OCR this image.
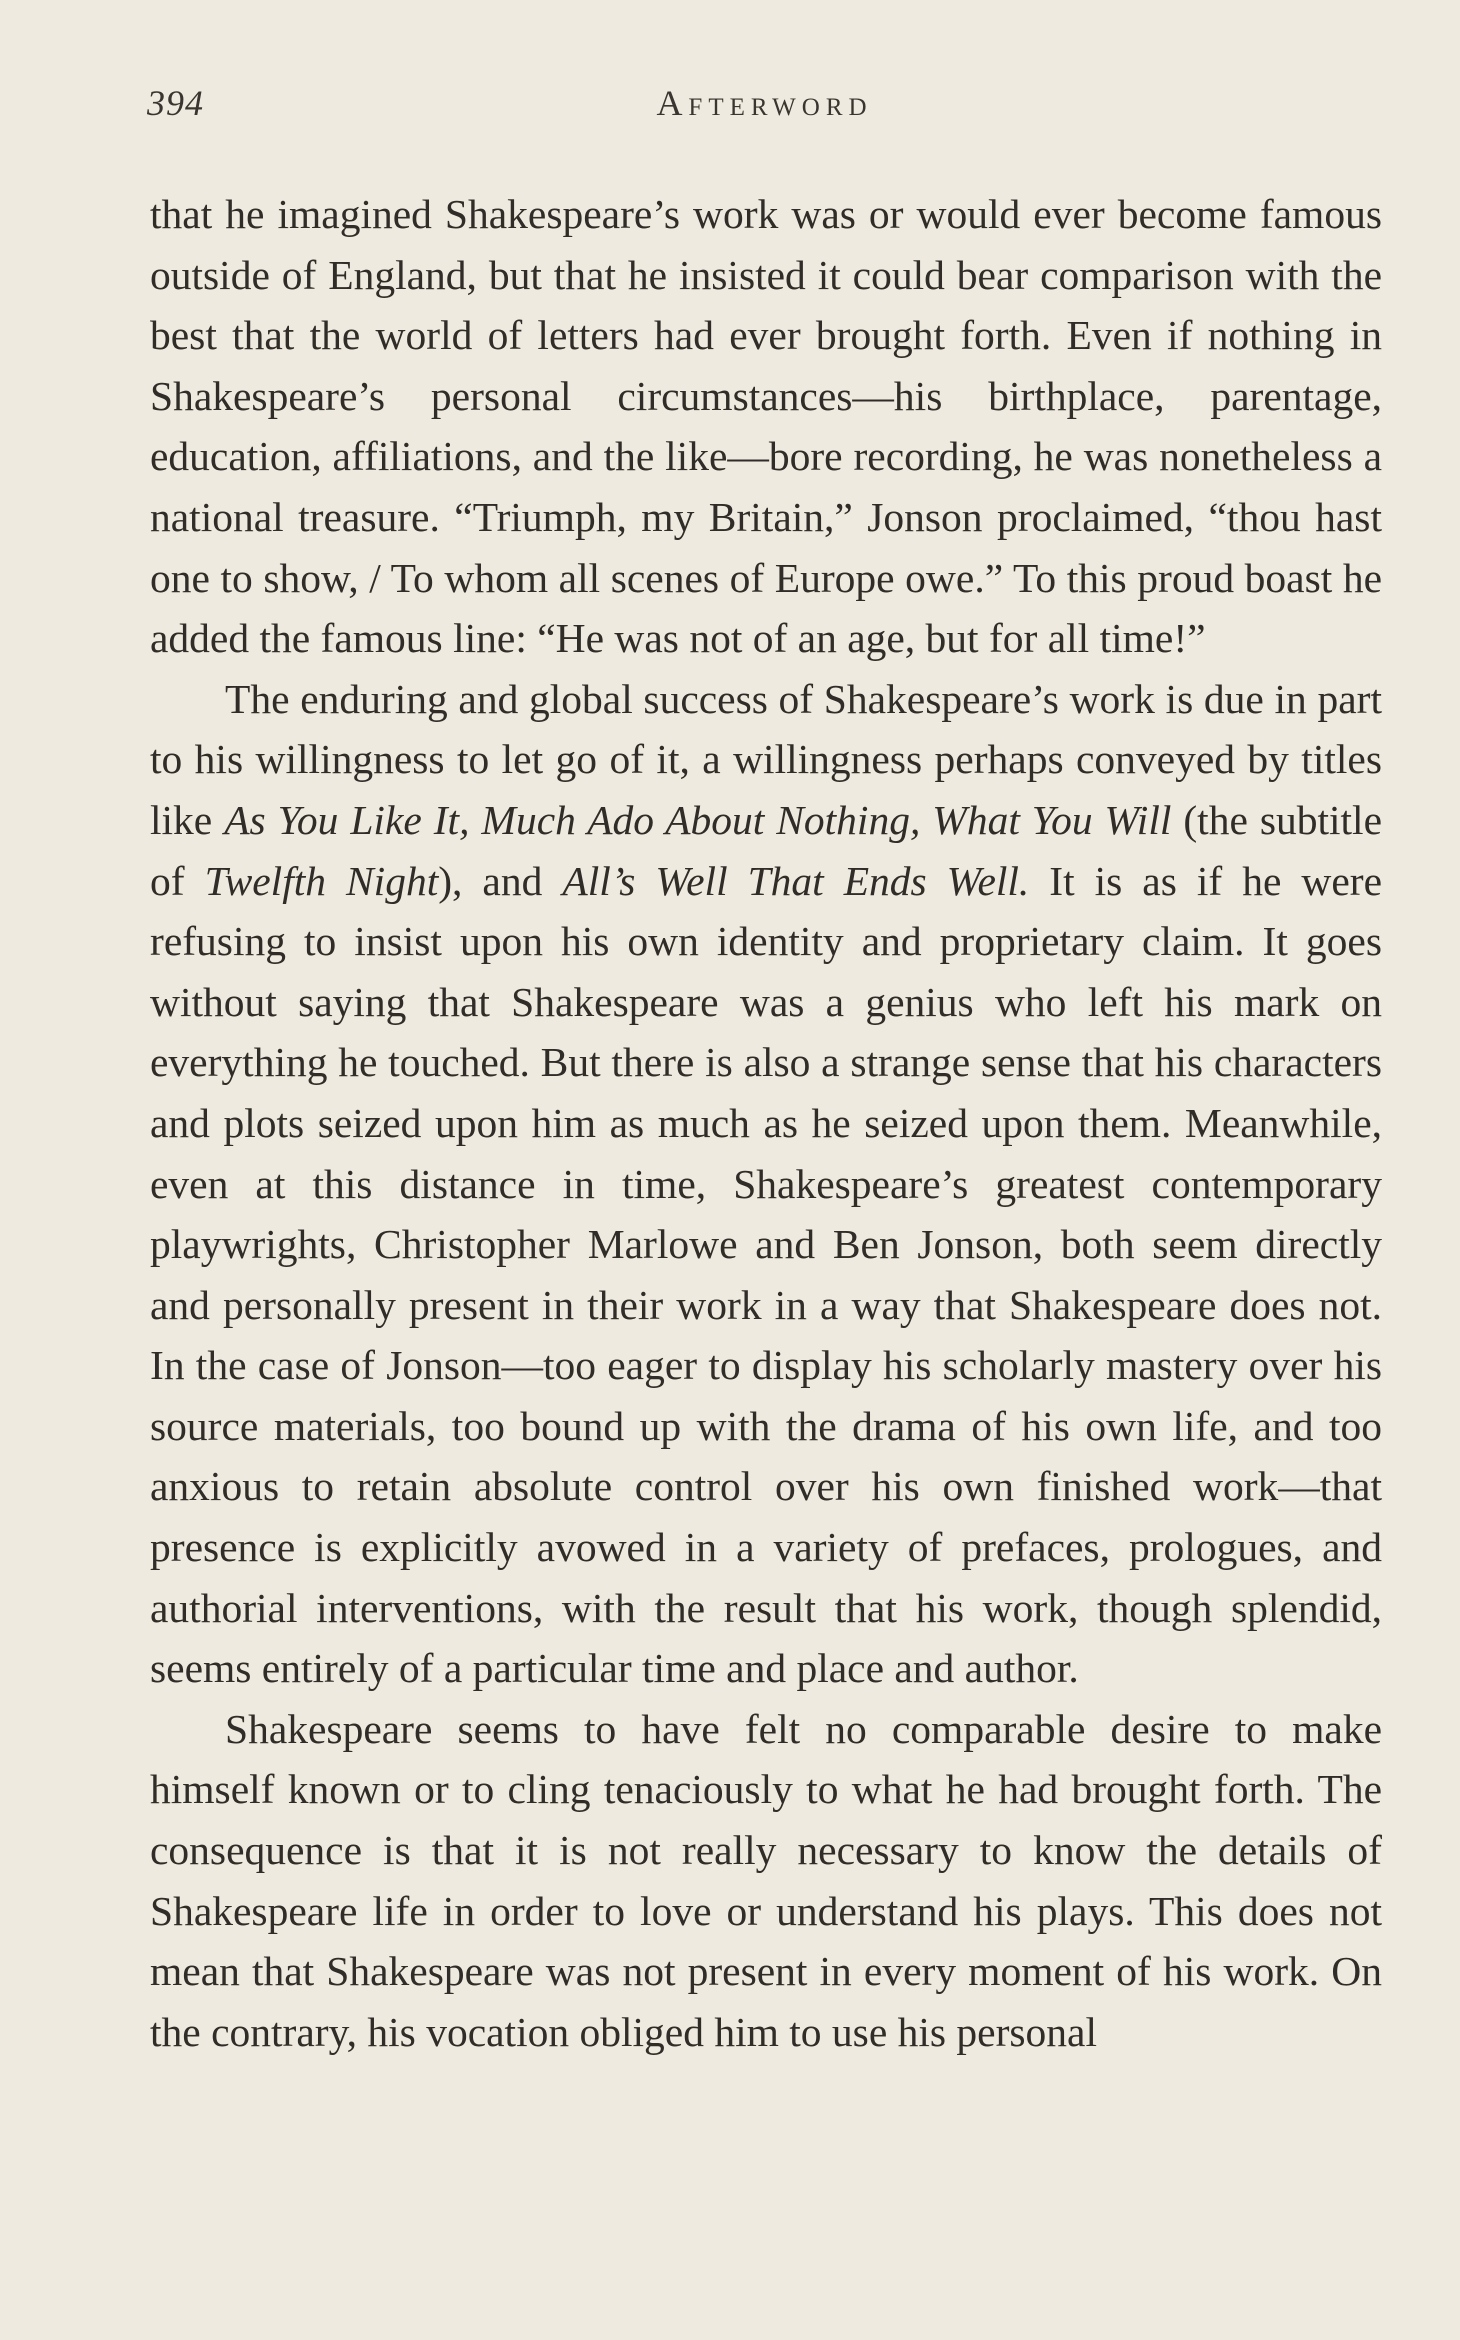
394	Afterword

that he imagined Shakespeare’s work was or would ever become famous outside of England, but that he insisted it could bear comparison with the best that the world of letters had ever brought forth. Even if nothing in Shakespeare’s personal circumstances—his birthplace, parentage, education, affiliations, and the like—bore recording, he was nonetheless a national treasure. “Triumph, my Britain,” Jonson proclaimed, “thou hast one to show, / To whom all scenes of Europe owe.” To this proud boast he added the famous line: “He was not of an age, but for all time!”

The enduring and global success of Shakespeare’s work is due in part to his willingness to let go of it, a willingness perhaps conveyed by titles like As You Like It, Much Ado About Nothing, What You Will (the subtitle of Twelfth Night), and All’s Well That Ends Well. It is as if he were refusing to insist upon his own identity and proprietary claim. It goes without saying that Shakespeare was a genius who left his mark on everything he touched. But there is also a strange sense that his characters and plots seized upon him as much as he seized upon them. Meanwhile, even at this distance in time, Shakespeare’s greatest contemporary playwrights, Christopher Marlowe and Ben Jonson, both seem directly and personally present in their work in a way that Shakespeare does not. In the case of Jonson—too eager to display his scholarly mastery over his source materials, too bound up with the drama of his own life, and too anxious to retain absolute control over his own finished work—that presence is explicitly avowed in a variety of prefaces, prologues, and authorial interventions, with the result that his work, though splendid, seems entirely of a particular time and place and author.

Shakespeare seems to have felt no comparable desire to make himself known or to cling tenaciously to what he had brought forth. The consequence is that it is not really necessary to know the details of Shakespeare life in order to love or understand his plays. This does not mean that Shakespeare was not present in every moment of his work. On the contrary, his vocation obliged him to use his personal
